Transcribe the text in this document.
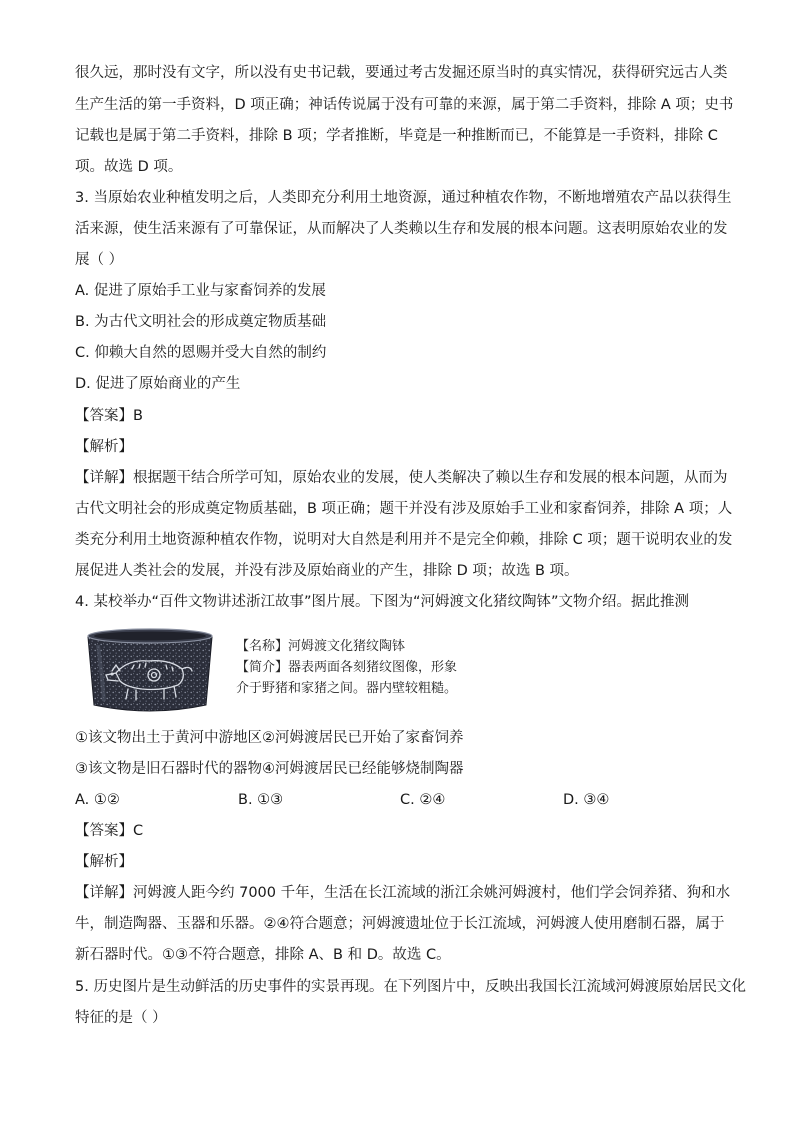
很久远，那时没有文字，所以没有史书记载，要通过考古发掘还原当时的真实情况，获得研究远古人类

生产生活的第一手资料，D 项正确；神话传说属于没有可靠的来源，属于第二手资料，排除 A 项；史书

记载也是属于第二手资料，排除 B 项；学者推断，毕竟是一种推断而已，不能算是一手资料，排除 C

项。故选 D 项。

3. 当原始农业种植发明之后，人类即充分利用土地资源，通过种植农作物，不断地增殖农产品以获得生

活来源，使生活来源有了可靠保证，从而解决了人类赖以生存和发展的根本问题。这表明原始农业的发

展（ ）

A. 促进了原始手工业与家畜饲养的发展

B. 为古代文明社会的形成奠定物质基础

C. 仰赖大自然的恩赐并受大自然的制约

D. 促进了原始商业的产生

【答案】B

【解析】

【详解】根据题干结合所学可知，原始农业的发展，使人类解决了赖以生存和发展的根本问题，从而为

古代文明社会的形成奠定物质基础，B 项正确；题干并没有涉及原始手工业和家畜饲养，排除 A 项；人

类充分利用土地资源种植农作物，说明对大自然是利用并不是完全仰赖，排除 C 项；题干说明农业的发

展促进人类社会的发展，并没有涉及原始商业的产生，排除 D 项；故选 B 项。

4. 某校举办“百件文物讲述浙江故事”图片展。下图为“河姆渡文化猪纹陶钵”文物介绍。据此推测

【名称】河姆渡文化猪纹陶钵

【简介】器表两面各刻猪纹图像，形象

介于野猪和家猪之间。器内壁较粗糙。

①该文物出土于黄河中游地区②河姆渡居民已开始了家畜饲养

③该文物是旧石器时代的器物④河姆渡居民已经能够烧制陶器

A. ①②	B. ①③	C. ②④	D. ③④

【答案】C

【解析】

【详解】河姆渡人距今约 7000 千年，生活在长江流域的浙江余姚河姆渡村，他们学会饲养猪、狗和水

牛，制造陶器、玉器和乐器。②④符合题意；河姆渡遗址位于长江流域，河姆渡人使用磨制石器，属于

新石器时代。①③不符合题意，排除 A、B 和 D。故选 C。

5. 历史图片是生动鲜活的历史事件的实景再现。在下列图片中，反映出我国长江流域河姆渡原始居民文化

特征的是（ ）
